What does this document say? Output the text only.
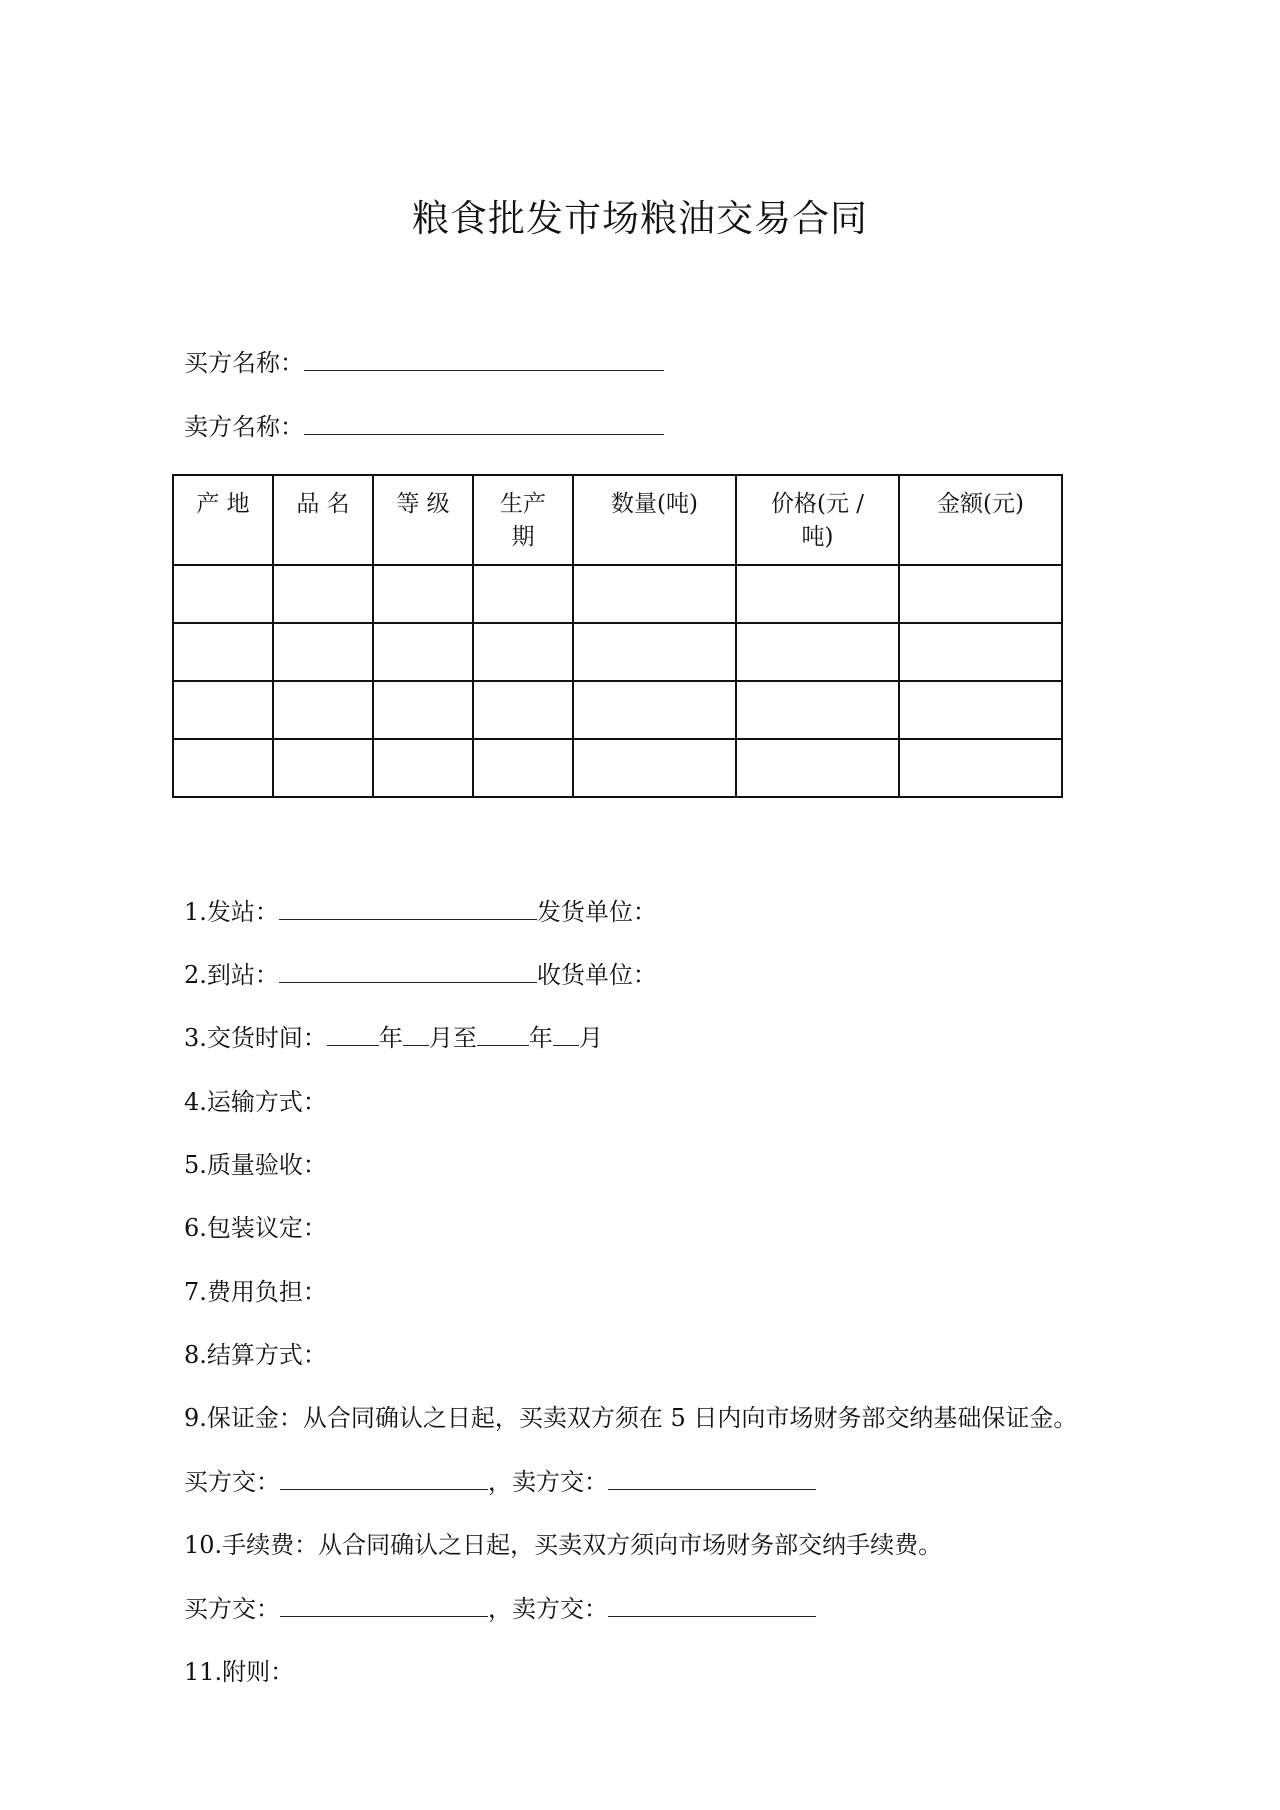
粮食批发市场粮油交易合同
买方名称：
卖方名称：
产 地	品 名	等 级	生产期	数量(吨)	价格(元 / 吨)	金额(元)

1.发站：	发货单位：
2.到站：	收货单位：
3.交货时间： 年 月至 年 月
4.运输方式：
5.质量验收：
6.包装议定：
7.费用负担：
8.结算方式：
9.保证金：从合同确认之日起，买卖双方须在 5 日内向市场财务部交纳基础保证金。
买方交：	，卖方交：
10.手续费：从合同确认之日起，买卖双方须向市场财务部交纳手续费。
买方交：	，卖方交：
11.附则：
